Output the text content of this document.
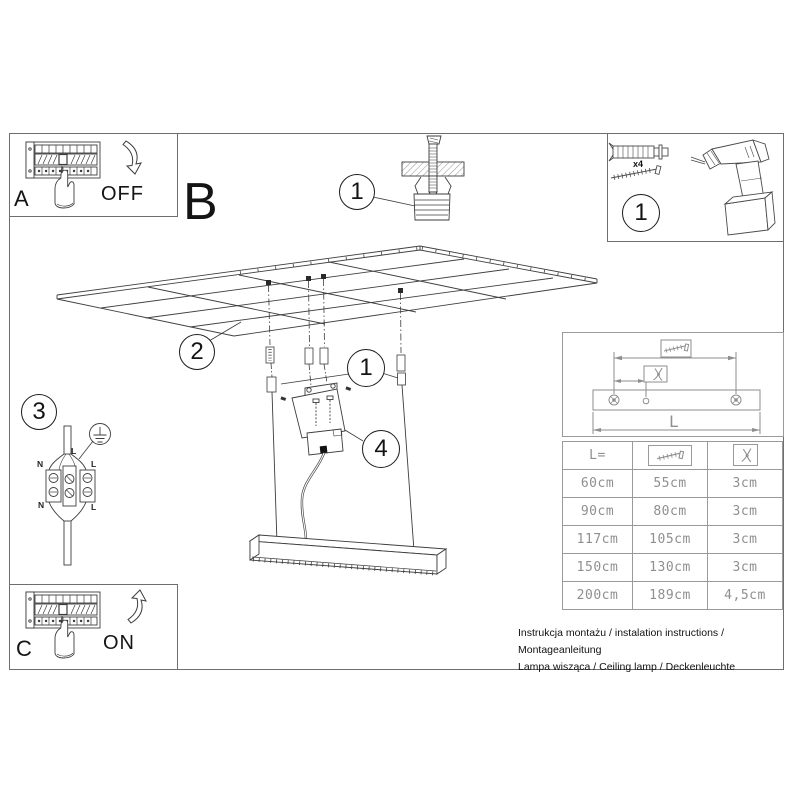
A	OFF B
C	ON
x4
1
1
2
1
3
4
L
N	L
N	L
L
L=		
60cm	55cm	3cm
90cm	80cm	3cm
117cm	105cm	3cm
150cm	130cm	3cm
200cm	189cm	4,5cm
Instrukcja montażu / instalation instructions / Montageanleitung
Lampa wisząca / Ceiling lamp / Deckenleuchte
